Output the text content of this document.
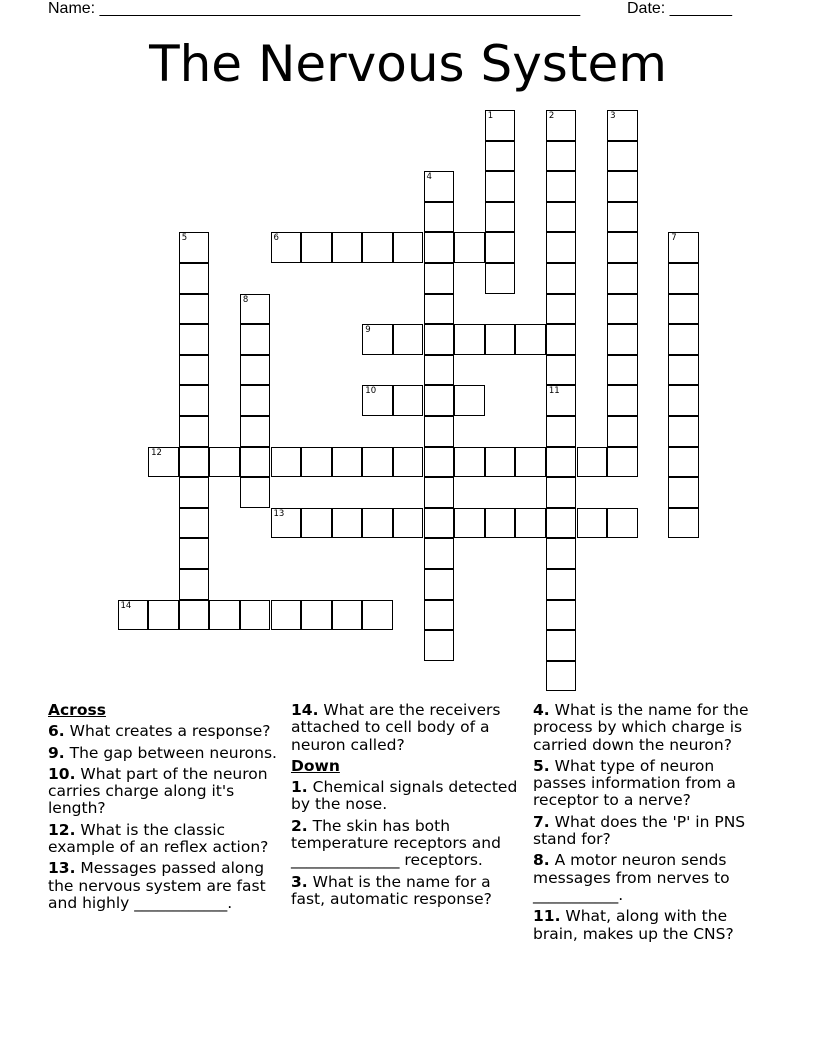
Name: ______________________________________________________	Date: _______
The Nervous System
1	2	3
4
5	6	7
8
9
10	11
12
13
14
Across
6. What creates a response?
9. The gap between neurons.
10. What part of the neuron carries charge along it's length?
12. What is the classic example of an reflex action?
13. Messages passed along the nervous system are fast and highly ____________.
14. What are the receivers attached to cell body of a neuron called?
Down
1. Chemical signals detected by the nose.
2. The skin has both temperature receptors and ______________ receptors.
3. What is the name for a fast, automatic response?
4. What is the name for the process by which charge is carried down the neuron?
5. What type of neuron passes information from a receptor to a nerve?
7. What does the 'P' in PNS stand for?
8. A motor neuron sends messages from nerves to ___________.
11. What, along with the brain, makes up the CNS?
